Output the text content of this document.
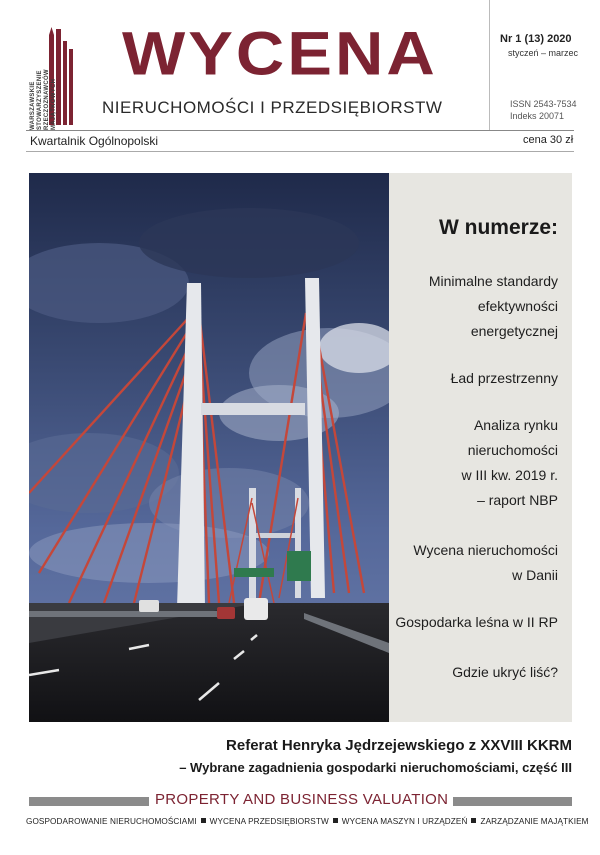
WARSZAWSKIE STOWARZYSZENIE RZECZOZNAWCÓW MAJĄTKOWYCH
WYCENA
NIERUCHOMOŚCI I PRZEDSIĘBIORSTW
Nr 1 (13) 2020
styczeń – marzec
ISSN 2543-7534
Indeks 20071
Kwartalnik Ogólnopolski	cena 30 zł
W numerze:
Minimalne standardy
efektywności
energetycznej
Ład przestrzenny
Analiza rynku
nieruchomości
w III kw. 2019 r.
– raport NBP
Wycena nieruchomości
w Danii
Gospodarka leśna w II RP
Gdzie ukryć liść?
Referat Henryka Jędrzejewskiego z XXVIII KKRM
– Wybrane zagadnienia gospodarki nieruchomościami, część III
PROPERTY AND BUSINESS VALUATION
GOSPODAROWANIE NIERUCHOMOŚCIAMI WYCENA PRZEDSIĘBIORSTW WYCENA MASZYN I URZĄDZEŃ ZARZĄDZANIE MAJĄTKIEM
